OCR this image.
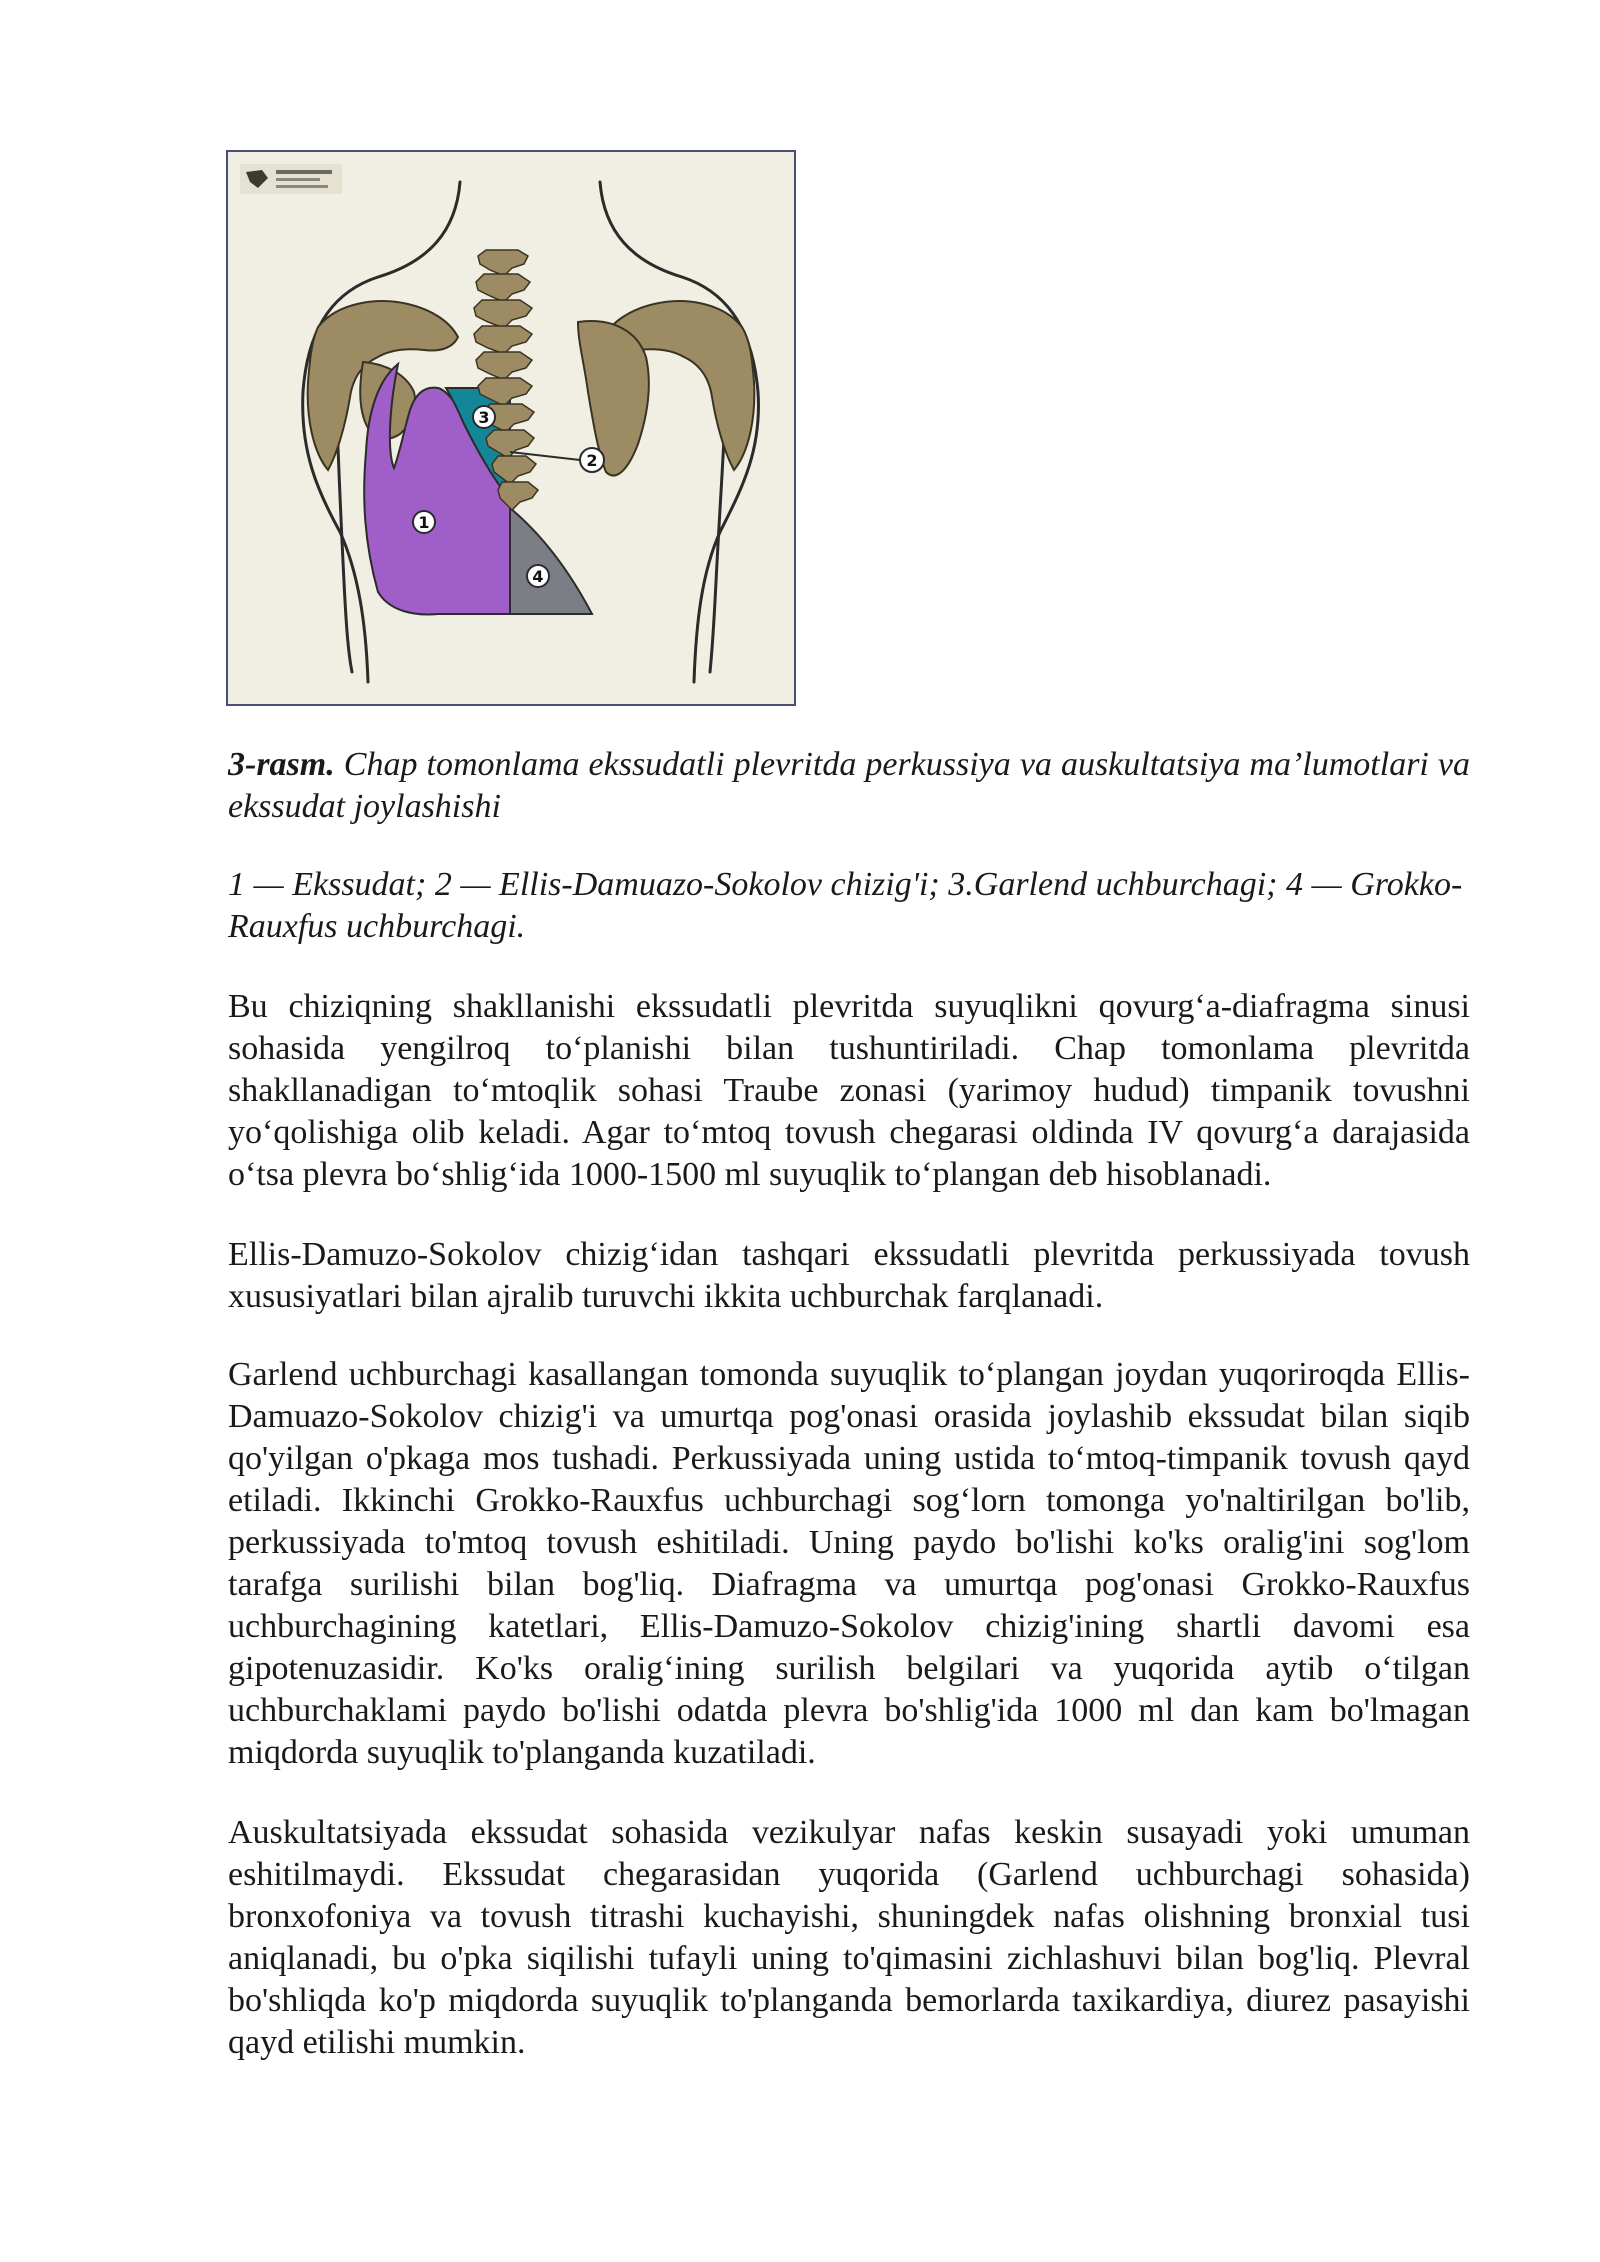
1
2
3
4
3-rasm. Chap tomonlama ekssudatli plevritda perkussiya va auskultatsiya ma’lumotlari va ekssudat joylashishi
1 — Ekssudat; 2 — Ellis-Damuazo-Sokolov chizig'i; 3.Garlend uchburchagi; 4 — Grokko-Rauxfus uchburchagi.
Bu chiziqning shakllanishi ekssudatli plevritda suyuqlikni qovurg‘a-diafragma sinusi sohasida yengilroq to‘planishi bilan tushuntiriladi. Chap tomonlama plevritda shakllanadigan to‘mtoqlik sohasi Traube zonasi (yarimoy hudud) timpanik tovushni yo‘qolishiga olib keladi. Agar to‘mtoq tovush chegarasi oldinda IV qovurg‘a darajasida o‘tsa plevra bo‘shlig‘ida 1000-1500 ml suyuqlik to‘plangan deb hisoblanadi.
Ellis-Damuzo-Sokolov chizig‘idan tashqari ekssudatli plevritda perkussiyada tovush xususiyatlari bilan ajralib turuvchi ikkita uchburchak farqlanadi.
Garlend uchburchagi kasallangan tomonda suyuqlik to‘plangan joydan yuqoriroqda Ellis-Damuazo-Sokolov chizig'i va umurtqa pog'onasi orasida joylashib ekssudat bilan siqib qo'yilgan o'pkaga mos tushadi. Perkussiyada uning ustida to‘mtoq-timpanik tovush qayd etiladi. Ikkinchi Grokko-Rauxfus uchburchagi sog‘lorn tomonga yo'naltirilgan bo'lib, perkussiyada to'mtoq tovush eshitiladi. Uning paydo bo'lishi ko'ks oralig'ini sog'lom tarafga surilishi bilan bog'liq. Diafragma va umurtqa pog'onasi Grokko-Rauxfus uchburchagining katetlari, Ellis-Damuzo-Sokolov chizig'ining shartli davomi esa gipotenuzasidir. Ko'ks oralig‘ining surilish belgilari va yuqorida aytib o‘tilgan uchburchaklami paydo bo'lishi odatda plevra bo'shlig'ida 1000 ml dan kam bo'lmagan miqdorda suyuqlik to'planganda kuzatiladi.
Auskultatsiyada ekssudat sohasida vezikulyar nafas keskin susayadi yoki umuman eshitilmaydi. Ekssudat chegarasidan yuqorida (Garlend uchburchagi sohasida) bronxofoniya va tovush titrashi kuchayishi, shuningdek nafas olishning bronxial tusi aniqlanadi, bu o'pka siqilishi tufayli uning to'qimasini zichlashuvi bilan bog'liq. Plevral bo'shliqda ko'p miqdorda suyuqlik to'planganda bemorlarda taxikardiya, diurez pasayishi qayd etilishi mumkin.
